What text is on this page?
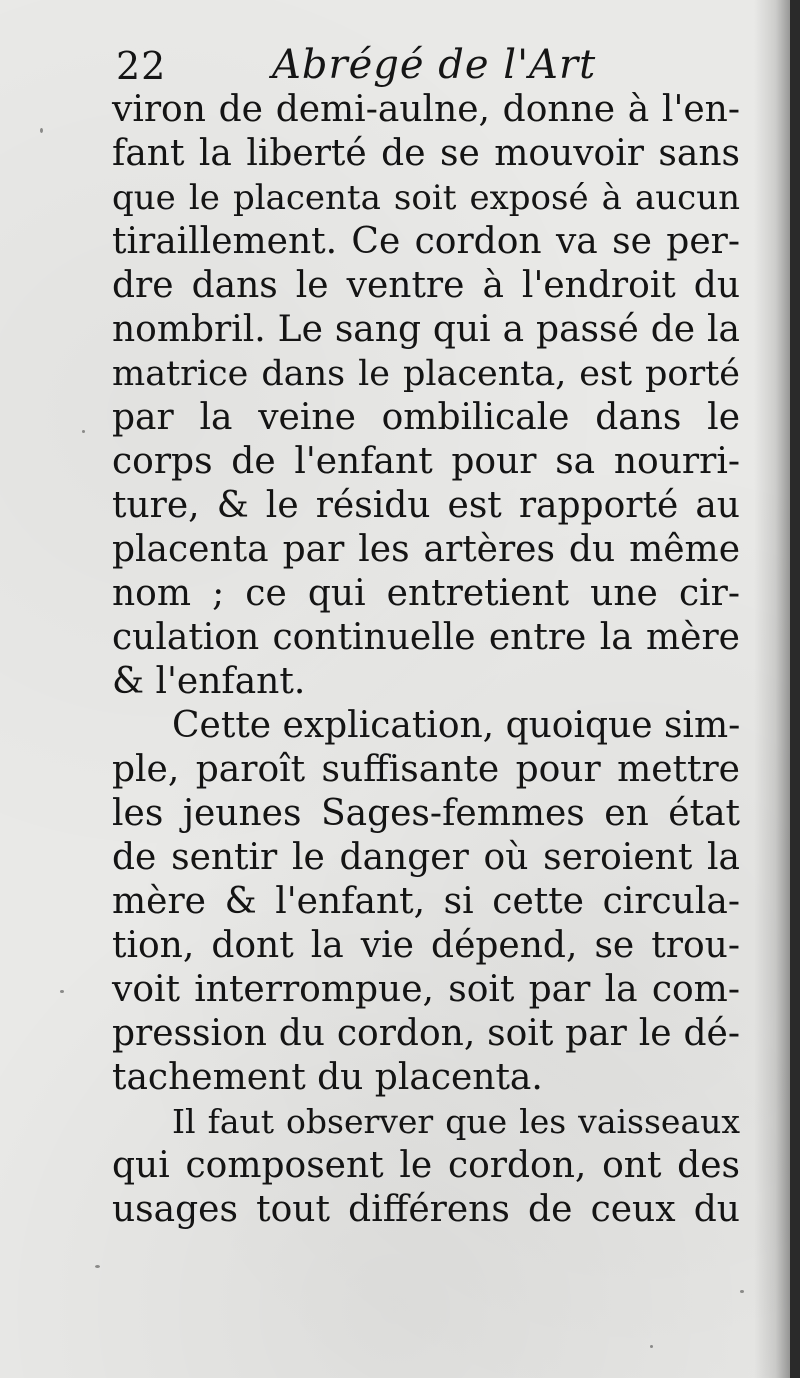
22	Abrégé de l'Art
viron de demi-aulne, donne à l'en-
fant la liberté de se mouvoir sans
que le placenta soit exposé à aucun
tiraillement. Ce cordon va se per-
dre dans le ventre à l'endroit du
nombril. Le sang qui a passé de la
matrice dans le placenta, est porté
par la veine ombilicale dans le
corps de l'enfant pour sa nourri-
ture, & le résidu est rapporté au
placenta par les artères du même
nom ; ce qui entretient une cir-
culation continuelle entre la mère
& l'enfant.
Cette explication, quoique sim-
ple, paroît suffisante pour mettre
les jeunes Sages-femmes en état
de sentir le danger où seroient la
mère & l'enfant, si cette circula-
tion, dont la vie dépend, se trou-
voit interrompue, soit par la com-
pression du cordon, soit par le dé-
tachement du placenta.
Il faut observer que les vaisseaux
qui composent le cordon, ont des
usages tout différens de ceux du
